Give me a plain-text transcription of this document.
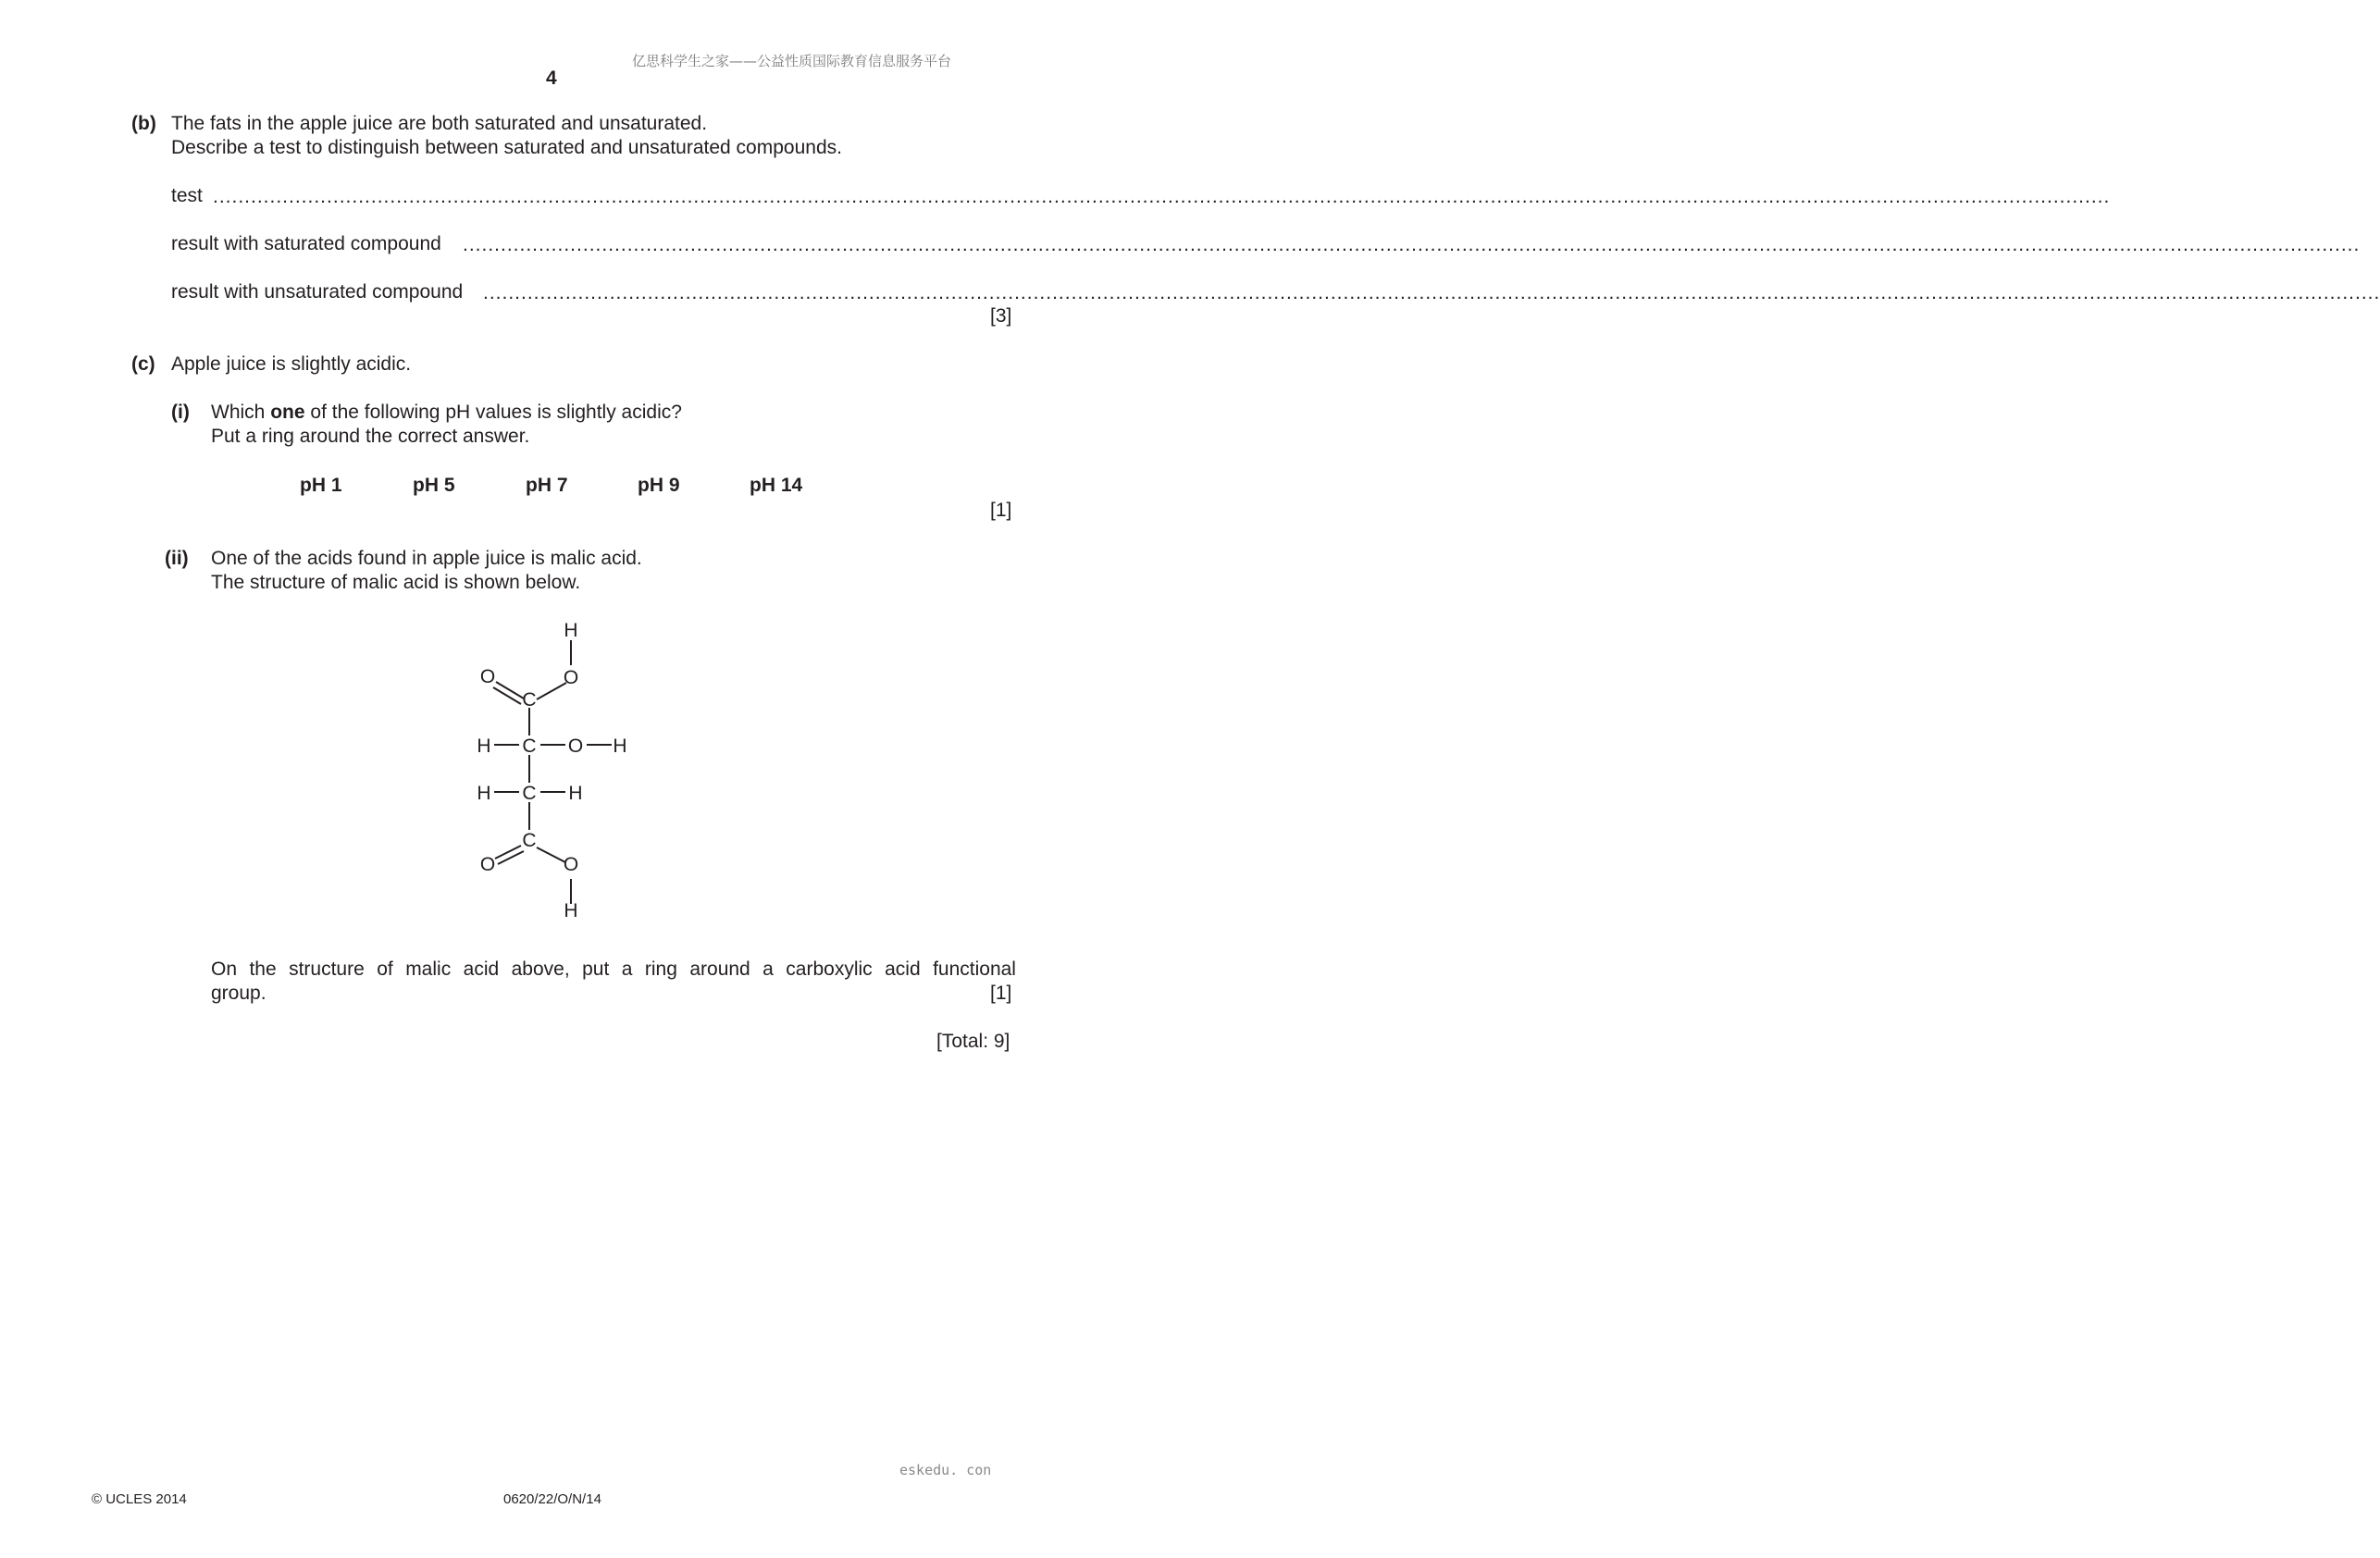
亿思科学生之家——公益性质国际教育信息服务平台
4
(b) The fats in the apple juice are both saturated and unsaturated.
Describe a test to distinguish between saturated and unsaturated compounds.
test ............................................................................................................................................................................................................................................................................................................
result with saturated compound ............................................................................................................................................................................................................................................................................................................
result with unsaturated compound ............................................................................................................................................................................................................................................................................................................
[3]
(c) Apple juice is slightly acidic.
(i) Which one of the following pH values is slightly acidic?
Put a ring around the correct answer.
pH 1	pH 5	pH 7	pH 9	pH 14
[1]
(ii) One of the acids found in apple juice is malic acid.
The structure of malic acid is shown below.
H
O	O
C
H C O H
H C H
C
O	O
H
On the structure of malic acid above, put a ring around a carboxylic acid functional
group.	[1]
[Total: 9]
eskedu. con
© UCLES 2014	0620/22/O/N/14
